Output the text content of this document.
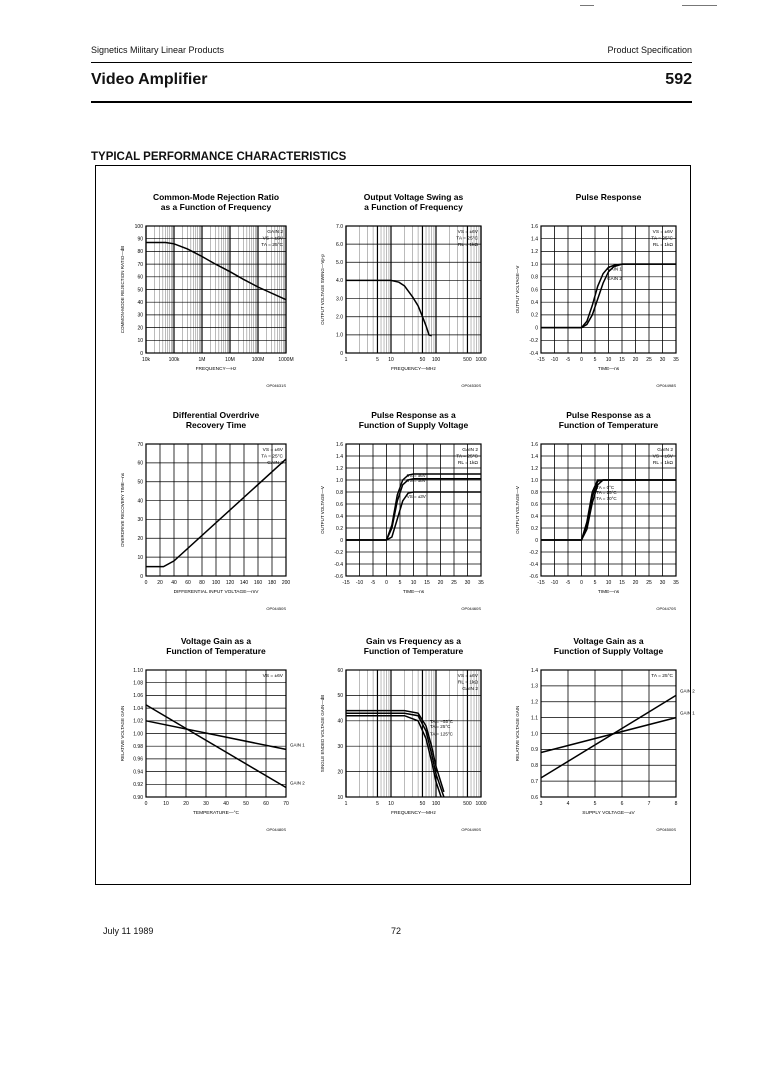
Signetics Military Linear Products	Product Specification
Video Amplifier	592
TYPICAL PERFORMANCE CHARACTERISTICS
Common-Mode Rejection Ratio
as a Function of Frequency
10k	100k	1M	10M	100M	1000M
0
10
20
30
40
50
60
70
80
90
100
GAIN 2
VS = ±6V
TA = 25°C
FREQUENCY—Hz
COMMON-MODE REJECTION RATIO—dB
OP04631S
Output Voltage Swing as
a Function of Frequency
1	5 10	50 100	500 1000
0
1.0
2.0
3.0
4.0
5.0
6.0
7.0
VS = ±6V
TA = 25°C
RL = 1kΩ
FREQUENCY—MHz
OUTPUT VOLTAGE SWING—Vp-p
OP04530S
Pulse Response
-15 -10 -5 0 5 10 15 20 25 30 35
-0.4
-0.2
0
0.2
0.4
0.6
0.8
1.0
1.2
1.4
1.6
GAIN 1
GAIN 2
VS = ±6V
TA = 25°C
RL = 1kΩ
TIME—ns
OUTPUT VOLTAGE—V
OP04498S
Differential Overdrive
Recovery Time
0 20 40 60 80 100 120 140 160 180 200
0
10
20
30
40
50
60
70
VS = ±6V
TA = 25°C
GAIN 2
DIFFERENTIAL INPUT VOLTAGE—mV
OVERDRIVE RECOVERY TIME—ns
OP04450S
Pulse Response as a
Function of Supply Voltage
-15 -10 -5 0 5 10 15 20 25 30 35
-0.6
-0.4
-0.2
0
0.2
0.4
0.6
0.8
1.0
1.2
1.4
1.6
VS = ±6V
VS = ±8V
VS = ±3V
GAIN 2
TA = 25°C
RL = 1kΩ
TIME—ns
OUTPUT VOLTAGE—V
OP04460S
Pulse Response as a
Function of Temperature
-15 -10 -5 0 5 10 15 20 25 30 35
-0.6
-0.4
-0.2
0
0.2
0.4
0.6
0.8
1.0
1.2
1.4
1.6
TA = 0°C
TA = 25°C
TA = 70°C
GAIN 2
VS = ±6V
RL = 1kΩ
TIME—ns
OUTPUT VOLTAGE—V
OP04470S
Voltage Gain as a
Function of Temperature
0	10	20	30	40	50	60	70
0.90
0.92
0.94
0.96
0.98
1.00
1.02
1.04
1.06
1.08
1.10
GAIN 1
GAIN 2
VS = ±6V
TEMPERATURE—°C
RELATIVE VOLTAGE GAIN
OP04480S
Gain vs Frequency as a
Function of Temperature
1	5 10	50 100	500 1000
10
20
30
40
50
60
TA = −55°C
TA = 25°C
TA = 125°C
VS = ±6V
RL = 1kΩ
GAIN 2
FREQUENCY—MHz
SINGLE ENDED VOLTAGE GAIN—dB
OP04490S
Voltage Gain as a
Function of Supply Voltage
3	4	5	6	7	8
0.6
0.7
0.8
0.9
1.0
1.1
1.2
1.3
1.4
GAIN 1
GAIN 2
TA = 25°C
SUPPLY VOLTAGE—±V
RELATIVE VOLTAGE GAIN
OP04500S
July 11 1989	72
